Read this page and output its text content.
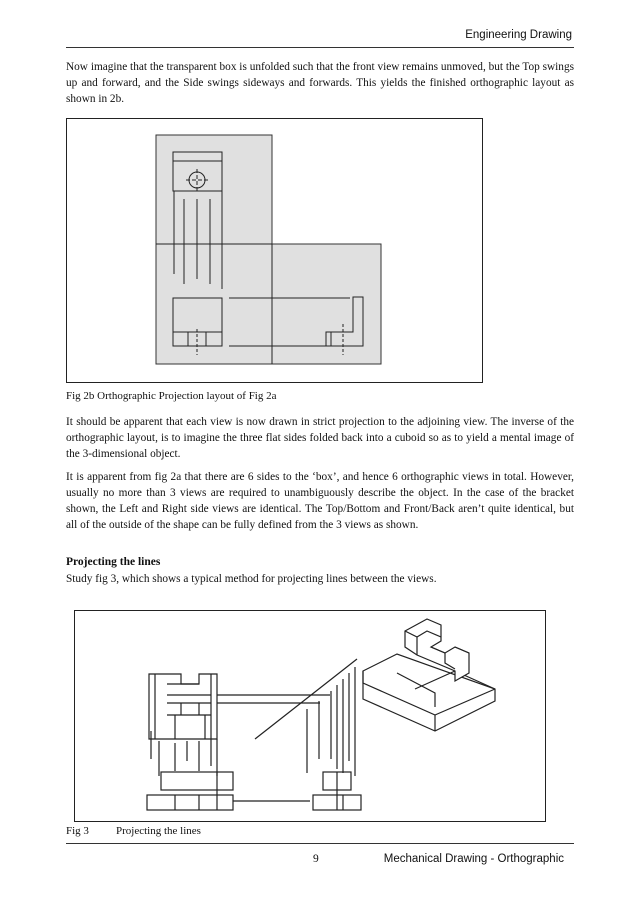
Engineering Drawing

Now imagine that the transparent box is unfolded such that the front view remains unmoved, but the Top swings up and forward, and the Side swings sideways and forwards. This yields the finished orthographic layout as shown in 2b.

Fig 2b Orthographic Projection layout of Fig 2a

It should be apparent that each view is now drawn in strict projection to the adjoining view. The inverse of the orthographic layout, is to imagine the three flat sides folded back into a cuboid so as to yield a mental image of the 3-dimensional object.

It is apparent from fig 2a that there are 6 sides to the ‘box’, and hence 6 orthographic views in total. However, usually no more than 3 views are required to unambiguously describe the object. In the case of the bracket shown, the Left and Right side views are identical. The Top/Bottom and Front/Back aren’t quite identical, but all of the outside of the shape can be fully defined from the 3 views as shown.

Projecting the lines

Study fig 3, which shows a typical method for projecting lines between the views.

Fig 3 Projecting the lines
9	Mechanical Drawing - Orthographic
